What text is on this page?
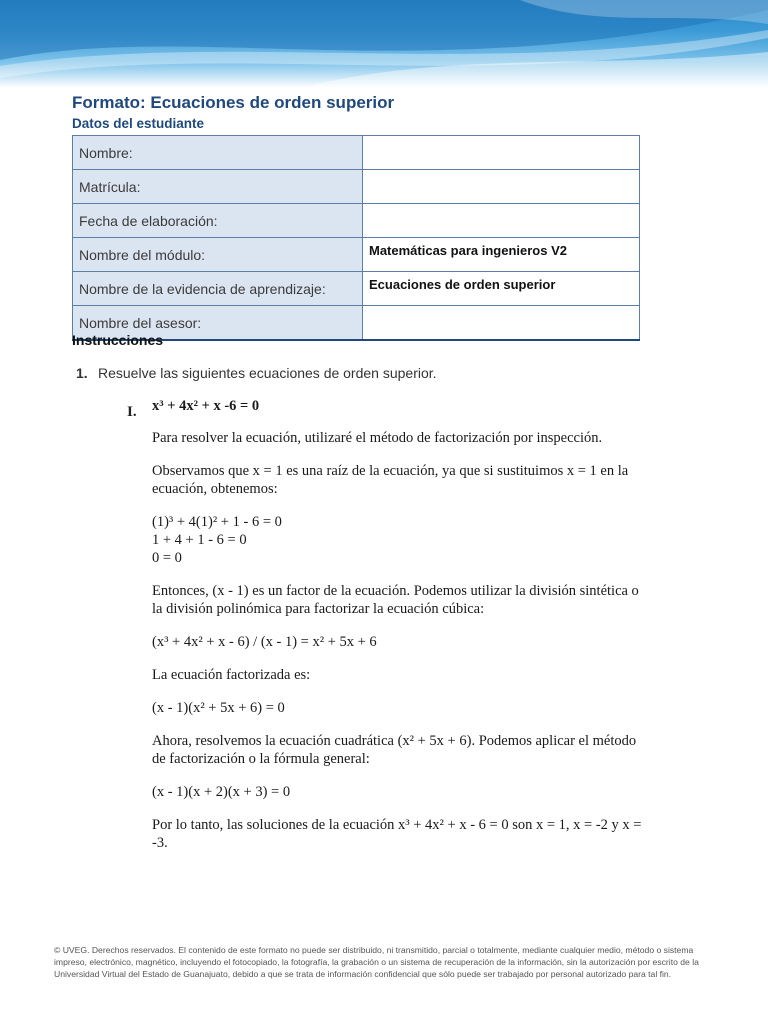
Formato: Ecuaciones de orden superior
Datos del estudiante
Nombre:	
Matrícula:	
Fecha de elaboración:	
Nombre del módulo:	Matemáticas para ingenieros V2
Nombre de la evidencia de aprendizaje:	Ecuaciones de orden superior
Nombre del asesor:	
Instrucciones
1. Resuelve las siguientes ecuaciones de orden superior.
I. x³ + 4x² + x -6 = 0

Para resolver la ecuación, utilizaré el método de factorización por inspección.

Observamos que x = 1 es una raíz de la ecuación, ya que si sustituimos x = 1 en la ecuación, obtenemos:

(1)³ + 4(1)² + 1 - 6 = 0

1 + 4 + 1 - 6 = 0

0 = 0

Entonces, (x - 1) es un factor de la ecuación. Podemos utilizar la división sintética o la división polinómica para factorizar la ecuación cúbica:

(x³ + 4x² + x - 6) / (x - 1) = x² + 5x + 6

La ecuación factorizada es:

(x - 1)(x² + 5x + 6) = 0

Ahora, resolvemos la ecuación cuadrática (x² + 5x + 6). Podemos aplicar el método de factorización o la fórmula general:

(x - 1)(x + 2)(x + 3) = 0

Por lo tanto, las soluciones de la ecuación x³ + 4x² + x - 6 = 0 son x = 1, x = -2 y x = -3.

© UVEG. Derechos reservados. El contenido de este formato no puede ser distribuido, ni transmitido, parcial o totalmente, mediante cualquier medio, método o sistema impreso, electrónico, magnético, incluyendo el fotocopiado, la fotografía, la grabación o un sistema de recuperación de la información, sin la autorización por escrito de la Universidad Virtual del Estado de Guanajuato, debido a que se trata de información confidencial que sólo puede ser trabajado por personal autorizado para tal fin.
